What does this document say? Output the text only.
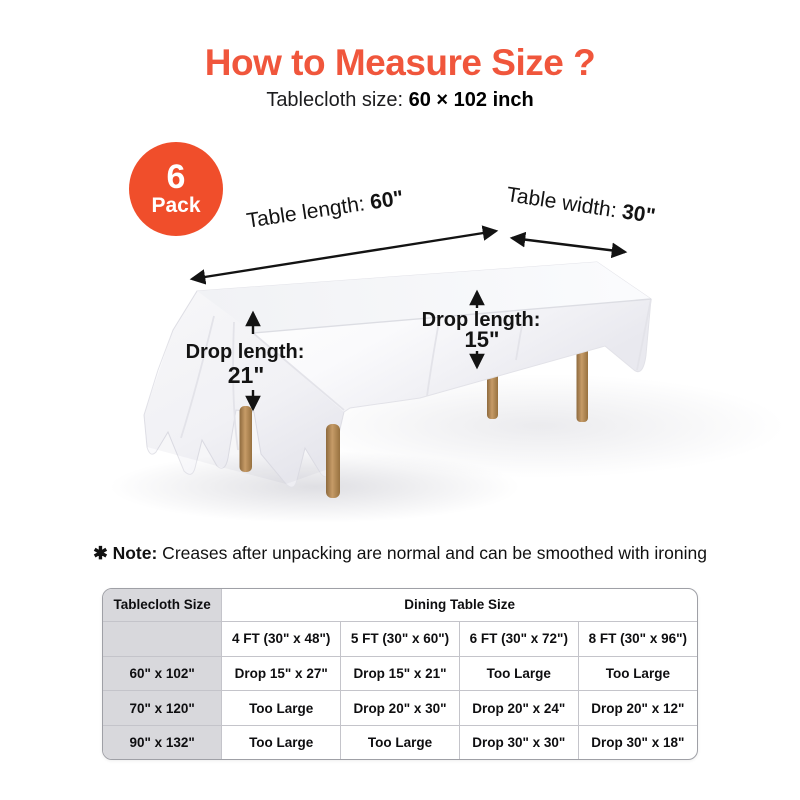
How to Measure Size ?
Tablecloth size: 60 × 102 inch
6
Pack Table length: 60"	Table width: 30"
Drop length:
21"
Drop length:
15"
✱ Note: Creases after unpacking are normal and can be smoothed with ironing
Tablecloth Size	Dining Table Size			
	4 FT (30" x 48")	5 FT (30" x 60")	6 FT (30" x 72")	8 FT (30" x 96")
60" x 102"	Drop 15" x 27"	Drop 15" x 21"	Too Large	Too Large
70" x 120"	Too Large	Drop 20" x 30"	Drop 20" x 24"	Drop 20" x 12"
90" x 132"	Too Large	Too Large	Drop 30" x 30"	Drop 30" x 18"
